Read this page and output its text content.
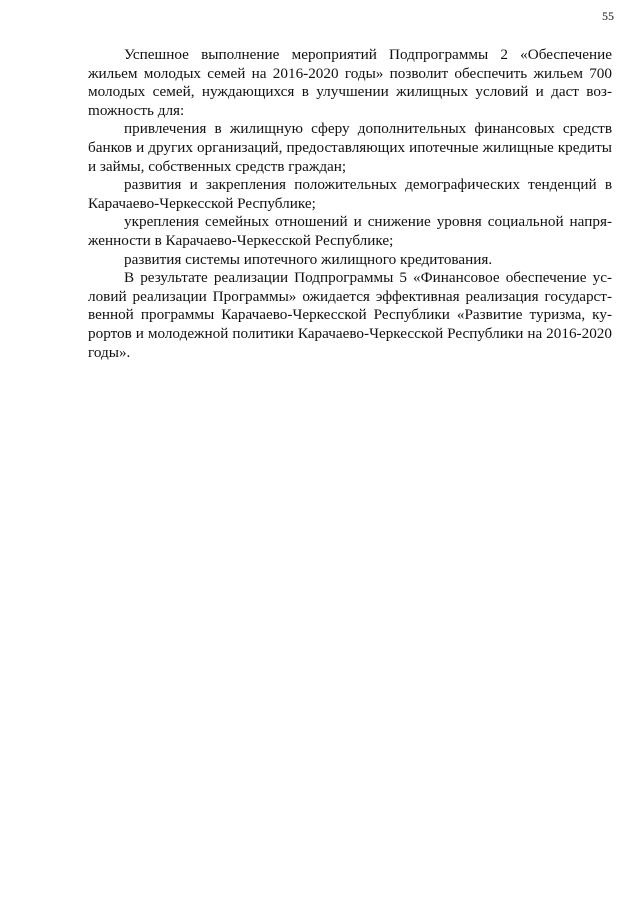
55

Успешное выполнение мероприятий Подпрограммы 2 «Обеспечение жильем молодых семей на 2016-2020 годы» позволит обеспечить жильем 700 молодых семей, нуждающихся в улучшении жилищных условий и даст возmожность для:

привлечения в жилищную сферу дополнительных финансовых средств банков и других организаций, предоставляющих ипотечные жилищные кредиты и займы, собственных средств граждан;

развития и закрепления положительных демографических тенденций в Карачаево-Черкесской Республике;

укрепления семейных отношений и снижение уровня социальной напряженности в Карачаево-Черкесской Республике;

развития системы ипотечного жилищного кредитования.

В результате реализации Подпрограммы 5 «Финансовое обеспечение условий реализации Программы» ожидается эффективная реализация государственной программы Карачаево-Черкесской Республики «Развитие туризма, курортов и молодежной политики Карачаево-Черкесской Республики на 2016-2020 годы».
